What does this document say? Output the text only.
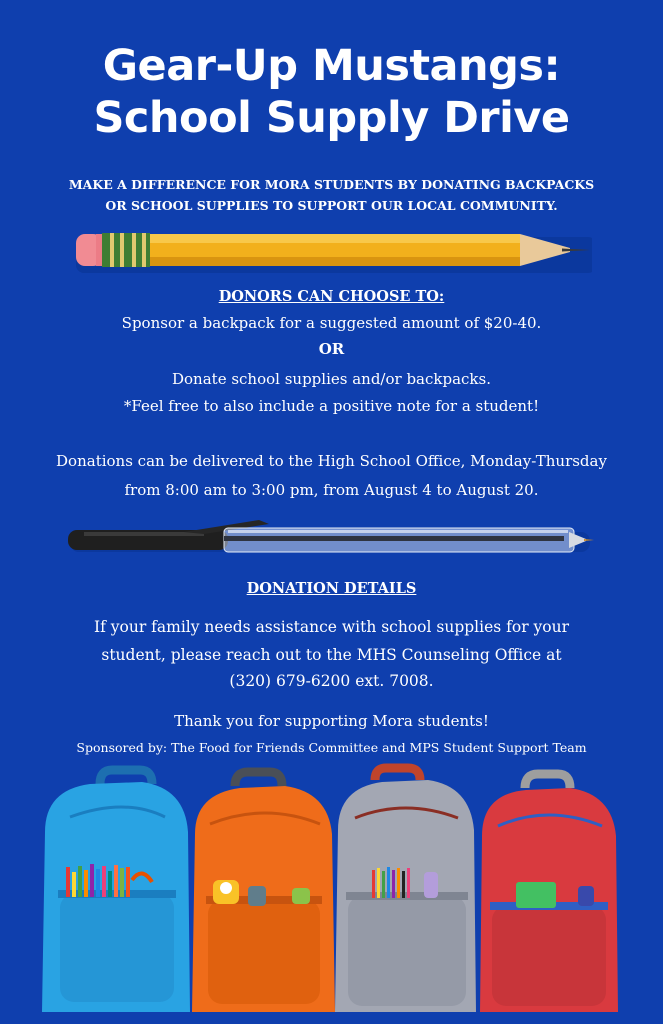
Gear-Up Mustangs:
School Supply Drive
MAKE A DIFFERENCE FOR MORA STUDENTS BY DONATING BACKPACKS
OR SCHOOL SUPPLIES TO SUPPORT OUR LOCAL COMMUNITY.
DONORS CAN CHOOSE TO:
Sponsor a backpack for a suggested amount of $20-40.
OR
Donate school supplies and/or backpacks.
*Feel free to also include a positive note for a student!
Donations can be delivered to the High School Office, Monday-Thursday
from 8:00 am to 3:00 pm, from August 4 to August 20.
DONATION DETAILS
If your family needs assistance with school supplies for your
student, please reach out to the MHS Counseling Office at
(320) 679-6200 ext. 7008.
Thank you for supporting Mora students!
Sponsored by: The Food for Friends Committee and MPS Student Support Team
